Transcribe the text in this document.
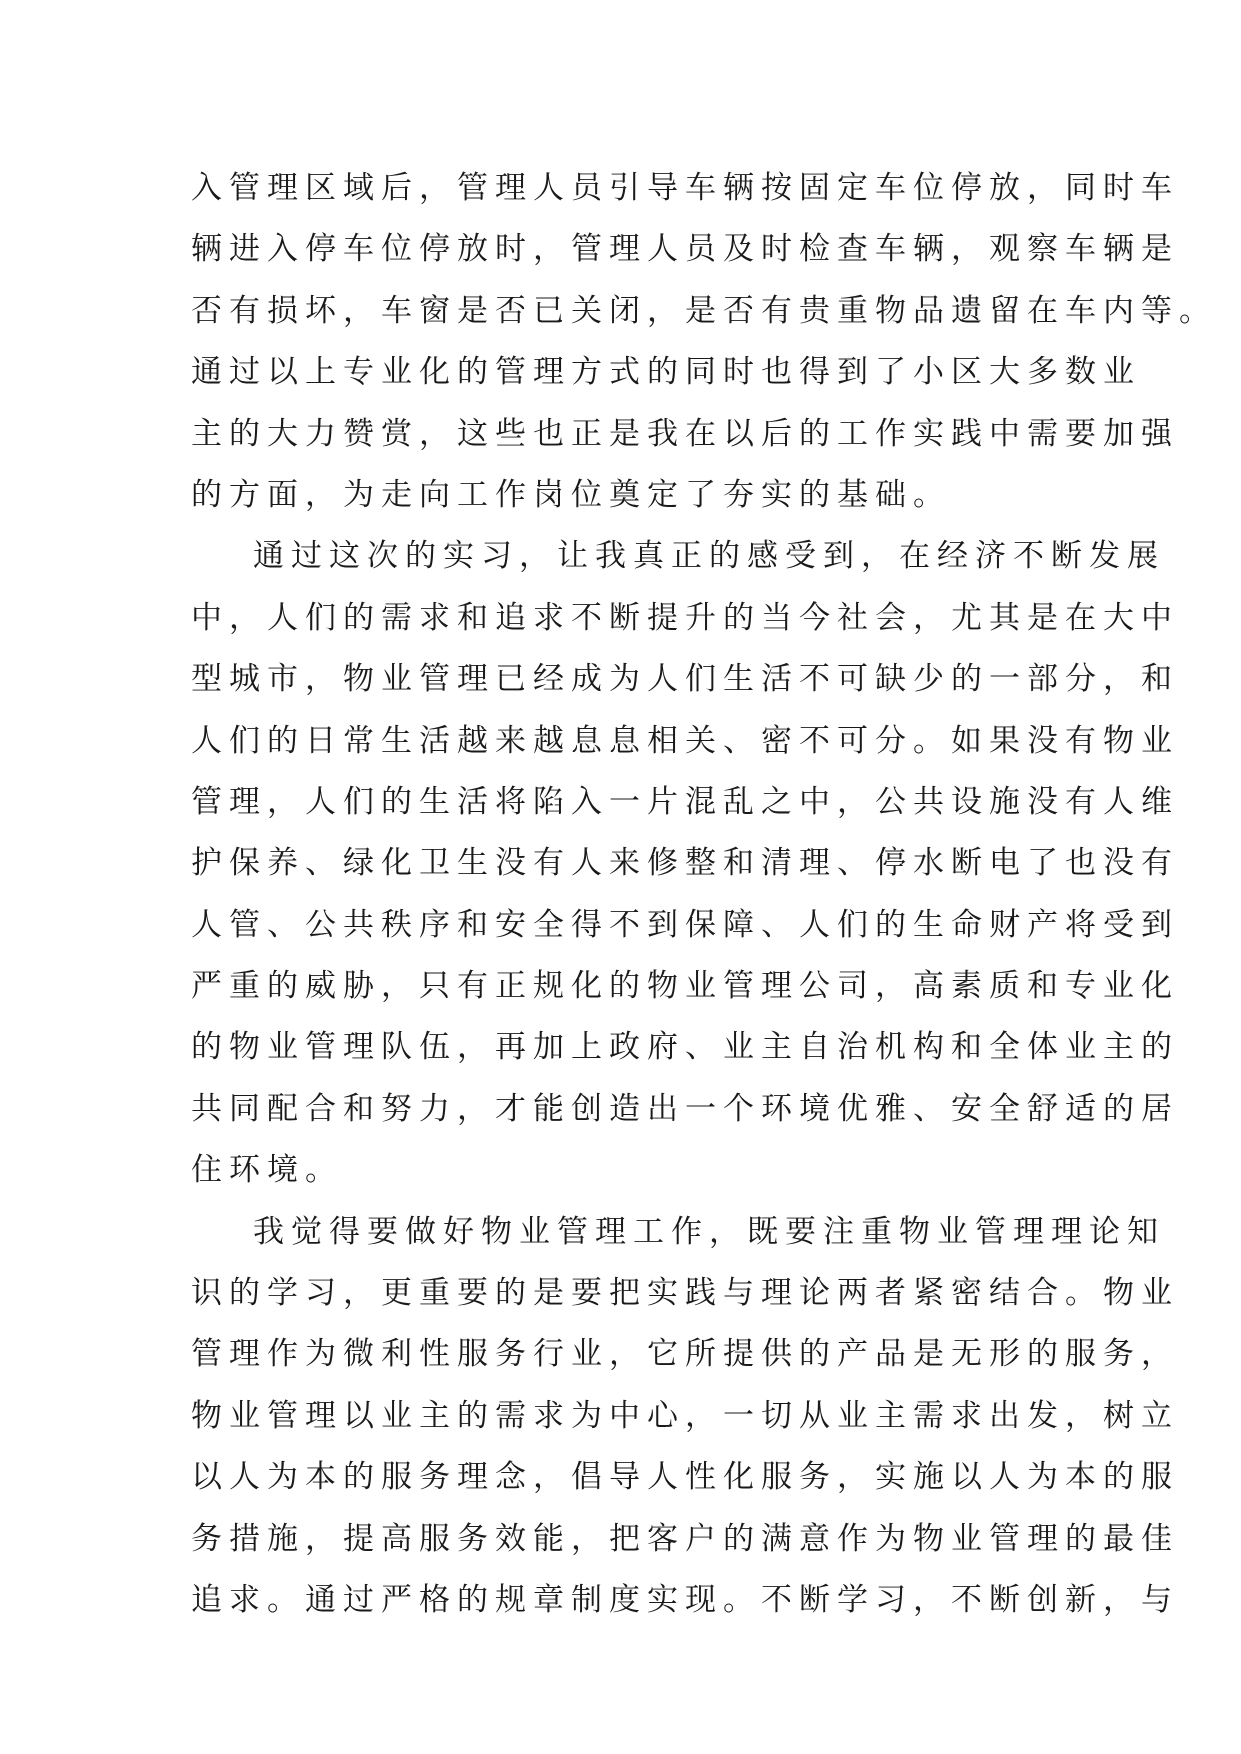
入管理区域后，管理人员引导车辆按固定车位停放，同时车
辆进入停车位停放时，管理人员及时检查车辆，观察车辆是
否有损坏，车窗是否已关闭，是否有贵重物品遗留在车内等。
通过以上专业化的管理方式的同时也得到了小区大多数业
主的大力赞赏，这些也正是我在以后的工作实践中需要加强
的方面，为走向工作岗位奠定了夯实的基础。
通过这次的实习，让我真正的感受到，在经济不断发展
中，人们的需求和追求不断提升的当今社会，尤其是在大中
型城市，物业管理已经成为人们生活不可缺少的一部分，和
人们的日常生活越来越息息相关、密不可分。如果没有物业
管理，人们的生活将陷入一片混乱之中，公共设施没有人维
护保养、绿化卫生没有人来修整和清理、停水断电了也没有
人管、公共秩序和安全得不到保障、人们的生命财产将受到
严重的威胁，只有正规化的物业管理公司，高素质和专业化
的物业管理队伍，再加上政府、业主自治机构和全体业主的
共同配合和努力，才能创造出一个环境优雅、安全舒适的居
住环境。
我觉得要做好物业管理工作，既要注重物业管理理论知
识的学习，更重要的是要把实践与理论两者紧密结合。物业
管理作为微利性服务行业，它所提供的产品是无形的服务，
物业管理以业主的需求为中心，一切从业主需求出发，树立
以人为本的服务理念，倡导人性化服务，实施以人为本的服
务措施，提高服务效能，把客户的满意作为物业管理的最佳
追求。通过严格的规章制度实现。不断学习，不断创新，与
